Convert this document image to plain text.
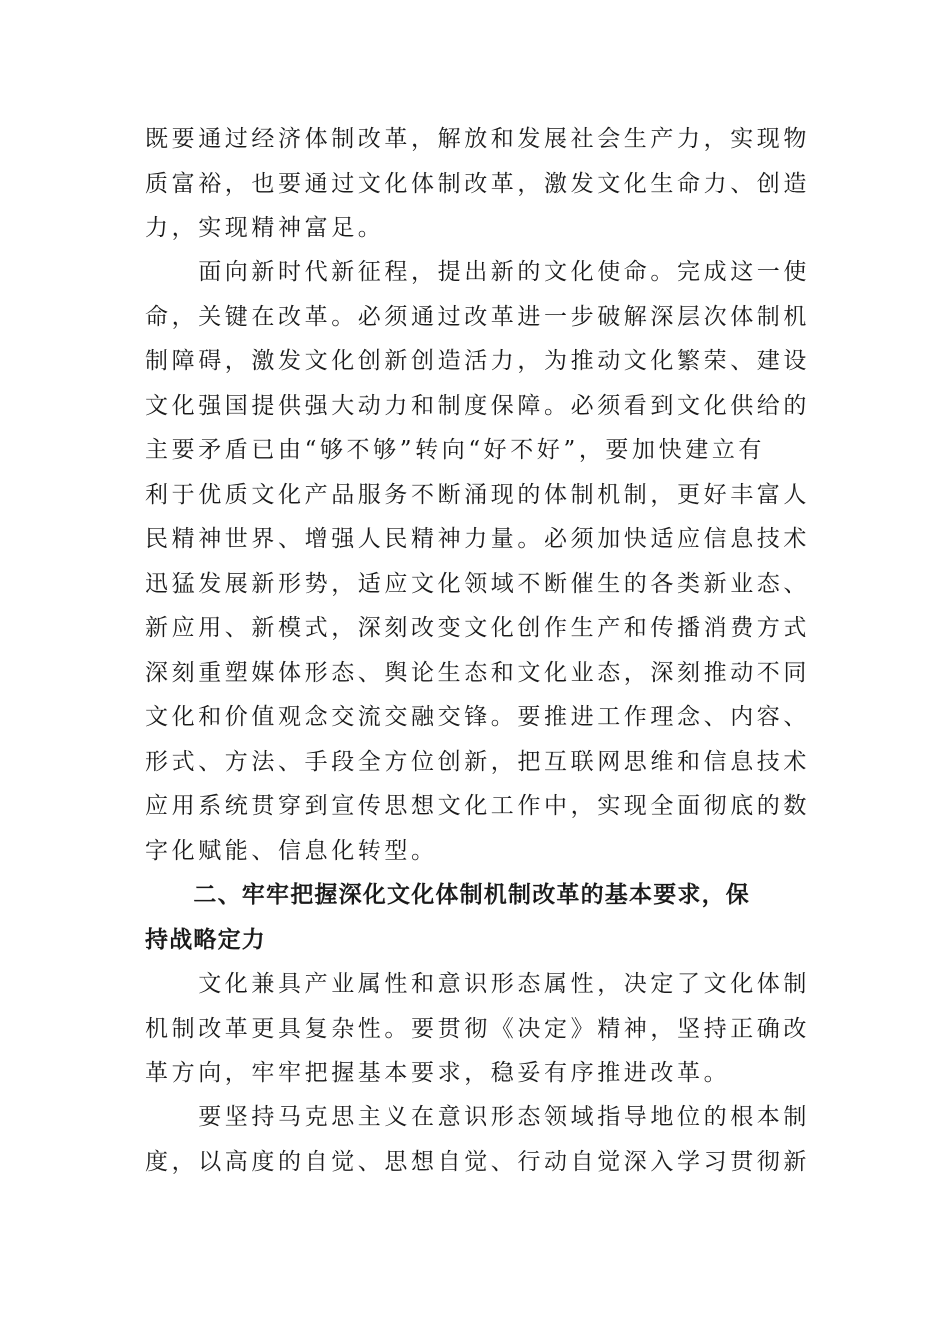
既要通过经济体制改革，解放和发展社会生产力，实现物
质富裕，也要通过文化体制改革，激发文化生命力、创造
力，实现精神富足。
　　面向新时代新征程，提出新的文化使命。完成这一使
命，关键在改革。必须通过改革进一步破解深层次体制机
制障碍，激发文化创新创造活力，为推动文化繁荣、建设
文化强国提供强大动力和制度保障。必须看到文化供给的
主要矛盾已由“够不够”转向“好不好”，要加快建立有
利于优质文化产品服务不断涌现的体制机制，更好丰富人
民精神世界、增强人民精神力量。必须加快适应信息技术
迅猛发展新形势，适应文化领域不断催生的各类新业态、
新应用、新模式，深刻改变文化创作生产和传播消费方式
深刻重塑媒体形态、舆论生态和文化业态，深刻推动不同
文化和价值观念交流交融交锋。要推进工作理念、内容、
形式、方法、手段全方位创新，把互联网思维和信息技术
应用系统贯穿到宣传思想文化工作中，实现全面彻底的数
字化赋能、信息化转型。
　　二、牢牢把握深化文化体制机制改革的基本要求，保
持战略定力
　　文化兼具产业属性和意识形态属性，决定了文化体制
机制改革更具复杂性。要贯彻《决定》精神，坚持正确改
革方向，牢牢把握基本要求，稳妥有序推进改革。
　　要坚持马克思主义在意识形态领域指导地位的根本制
度，以高度的自觉、思想自觉、行动自觉深入学习贯彻新
